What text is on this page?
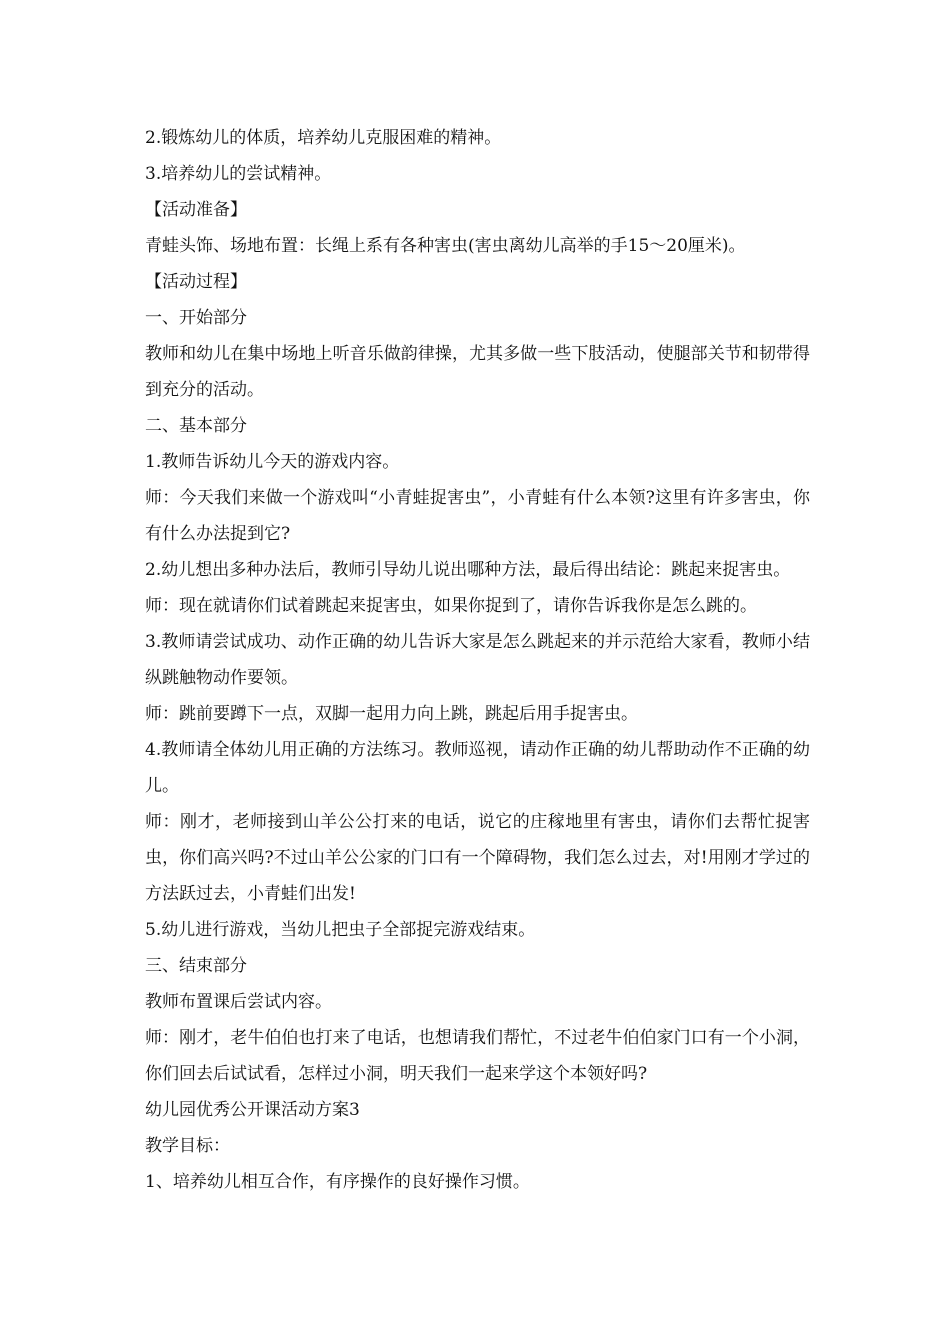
2.锻炼幼儿的体质，培养幼儿克服困难的精神。

3.培养幼儿的尝试精神。

【活动准备】

青蛙头饰、场地布置：长绳上系有各种害虫(害虫离幼儿高举的手15～20厘米)。

【活动过程】

一、开始部分

教师和幼儿在集中场地上听音乐做韵律操，尤其多做一些下肢活动，使腿部关节和韧带得到充分的活动。

二、基本部分

1.教师告诉幼儿今天的游戏内容。

师：今天我们来做一个游戏叫“小青蛙捉害虫”，小青蛙有什么本领?这里有许多害虫，你有什么办法捉到它?

2.幼儿想出多种办法后，教师引导幼儿说出哪种方法，最后得出结论：跳起来捉害虫。

师：现在就请你们试着跳起来捉害虫，如果你捉到了，请你告诉我你是怎么跳的。

3.教师请尝试成功、动作正确的幼儿告诉大家是怎么跳起来的并示范给大家看，教师小结纵跳触物动作要领。

师：跳前要蹲下一点，双脚一起用力向上跳，跳起后用手捉害虫。

4.教师请全体幼儿用正确的方法练习。教师巡视，请动作正确的幼儿帮助动作不正确的幼儿。

师：刚才，老师接到山羊公公打来的电话，说它的庄稼地里有害虫，请你们去帮忙捉害虫，你们高兴吗?不过山羊公公家的门口有一个障碍物，我们怎么过去，对!用刚才学过的方法跃过去，小青蛙们出发!

5.幼儿进行游戏，当幼儿把虫子全部捉完游戏结束。

三、结束部分

教师布置课后尝试内容。

师：刚才，老牛伯伯也打来了电话，也想请我们帮忙，不过老牛伯伯家门口有一个小洞，你们回去后试试看，怎样过小洞，明天我们一起来学这个本领好吗?

幼儿园优秀公开课活动方案3

教学目标：

1、培养幼儿相互合作，有序操作的良好操作习惯。
